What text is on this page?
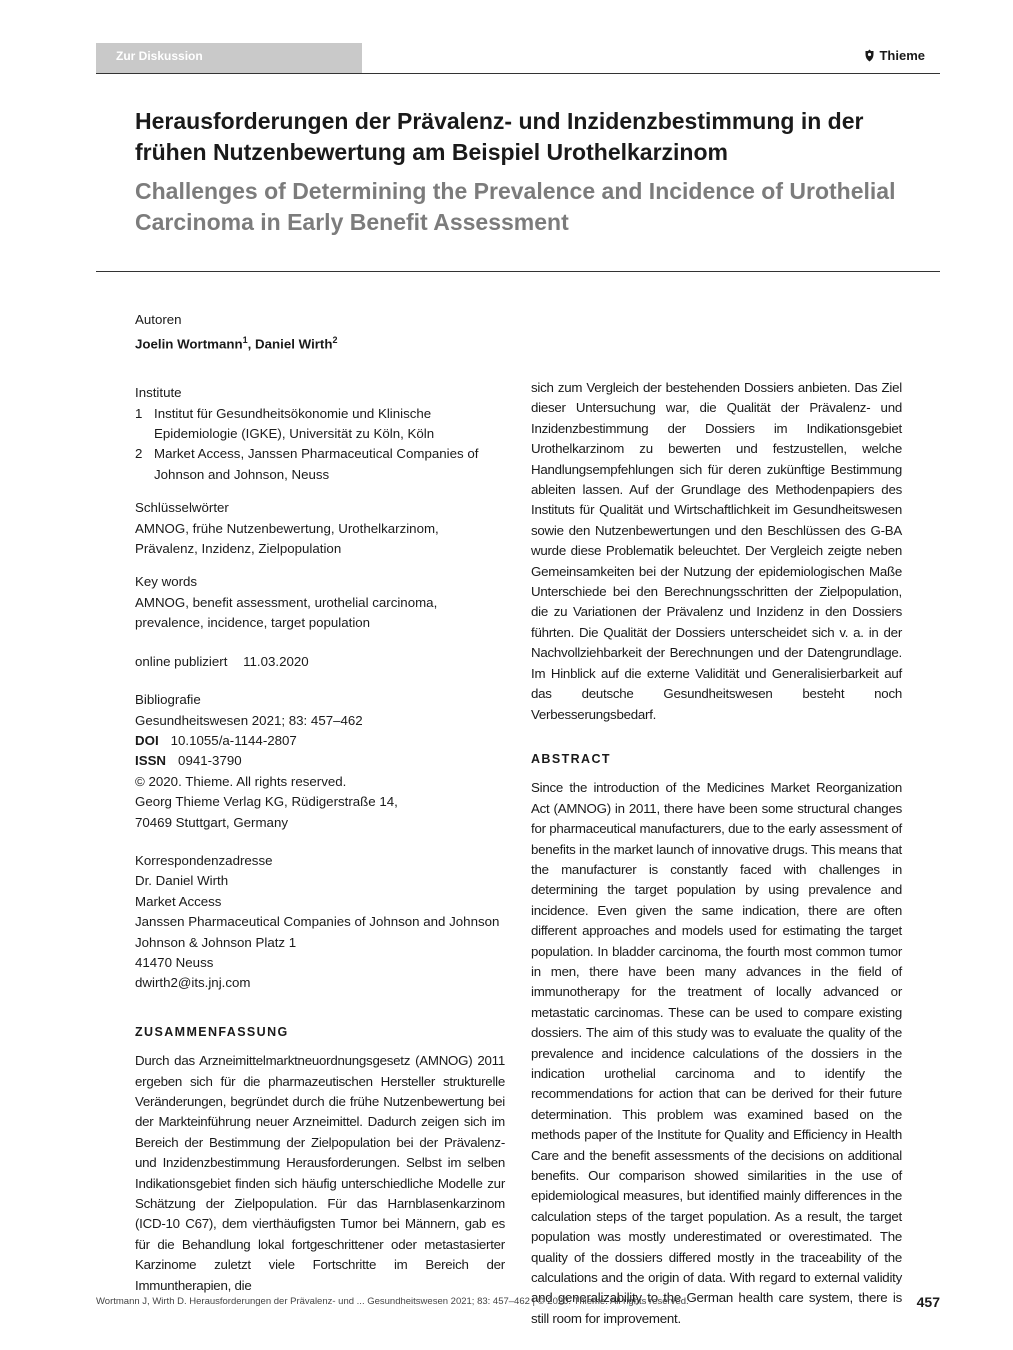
Zur Diskussion	Thieme
Herausforderungen der Prävalenz- und Inzidenzbestimmung in der frühen Nutzenbewertung am Beispiel Urothelkarzinom
Challenges of Determining the Prevalence and Incidence of Urothelial Carcinoma in Early Benefit Assessment

Autoren

Joelin Wortmann$^1$, Daniel Wirth$^2$

Institute

1 Institut für Gesundheitsökonomie und Klinische Epidemiologie (IGKE), Universität zu Köln, Köln
2 Market Access, Janssen Pharmaceutical Companies of Johnson and Johnson, Neuss

Schlüsselwörter

AMNOG, frühe Nutzenbewertung, Urothelkarzinom, Prävalenz, Inzidenz, Zielpopulation

Key words

AMNOG, benefit assessment, urothelial carcinoma, prevalence, incidence, target population

online publiziert 11.03.2020

Bibliografie

Gesundheitswesen 2021; 83: 457–462

DOI 10.1055/a-1144-2807

ISSN 0941-3790

© 2020. Thieme. All rights reserved.

Georg Thieme Verlag KG, Rüdigerstraße 14,

70469 Stuttgart, Germany

Korrespondenzadresse

Dr. Daniel Wirth

Market Access

Janssen Pharmaceutical Companies of Johnson and Johnson

Johnson & Johnson Platz 1

41470 Neuss

dwirth2@its.jnj.com

ZUSAMMENFASSUNG

Durch das Arzneimittelmarktneuordnungsgesetz (AMNOG) 2011 ergeben sich für die pharmazeutischen Hersteller strukturelle Veränderungen, begründet durch die frühe Nutzenbewertung bei der Markteinführung neuer Arzneimittel. Dadurch zeigen sich im Bereich der Bestimmung der Zielpopulation bei der Prävalenz- und Inzidenzbestimmung Herausforderungen. Selbst im selben Indikationsgebiet finden sich häufig unterschiedliche Modelle zur Schätzung der Zielpopulation. Für das Harnblasenkarzinom (ICD-10 C67), dem vierthäufigsten Tumor bei Männern, gab es für die Behandlung lokal fortgeschrittener oder metastasierter Karzinome zuletzt viele Fortschritte im Bereich der Immuntherapien, die

sich zum Vergleich der bestehenden Dossiers anbieten. Das Ziel dieser Untersuchung war, die Qualität der Prävalenz- und Inzidenzbestimmung der Dossiers im Indikationsgebiet Urothelkarzinom zu bewerten und festzustellen, welche Handlungsempfehlungen sich für deren zukünftige Bestimmung ableiten lassen. Auf der Grundlage des Methodenpapiers des Instituts für Qualität und Wirtschaftlichkeit im Gesundheitswesen sowie den Nutzenbewertungen und den Beschlüssen des G-BA wurde diese Problematik beleuchtet. Der Vergleich zeigte neben Gemeinsamkeiten bei der Nutzung der epidemiologischen Maße Unterschiede bei den Berechnungsschritten der Zielpopulation, die zu Variationen der Prävalenz und Inzidenz in den Dossiers führten. Die Qualität der Dossiers unterscheidet sich v. a. in der Nachvollziehbarkeit der Berechnungen und der Datengrundlage. Im Hinblick auf die externe Validität und Generalisierbarkeit auf das deutsche Gesundheitswesen besteht noch Verbesserungsbedarf.

ABSTRACT

Since the introduction of the Medicines Market Reorganization Act (AMNOG) in 2011, there have been some structural changes for pharmaceutical manufacturers, due to the early assessment of benefits in the market launch of innovative drugs. This means that the manufacturer is constantly faced with challenges in determining the target population by using prevalence and incidence. Even given the same indication, there are often different approaches and models used for estimating the target population. In bladder carcinoma, the fourth most common tumor in men, there have been many advances in the field of immunotherapy for the treatment of locally advanced or metastatic carcinomas. These can be used to compare existing dossiers. The aim of this study was to evaluate the quality of the prevalence and incidence calculations of the dossiers in the indication urothelial carcinoma and to identify the recommendations for action that can be derived for their future determination. This problem was examined based on the methods paper of the Institute for Quality and Efficiency in Health Care and the benefit assessments of the decisions on additional benefits. Our comparison showed similarities in the use of epidemiological measures, but identified mainly differences in the calculation steps of the target population. As a result, the target population was mostly underestimated or overestimated. The quality of the dossiers differed mostly in the traceability of the calculations and the origin of data. With regard to external validity and generalizability to the German health care system, there is still room for improvement.

Wortmann J, Wirth D. Herausforderungen der Prävalenz- und ... Gesundheitswesen 2021; 83: 457–462 | © 2020. Thieme. All rights reserved.	457
